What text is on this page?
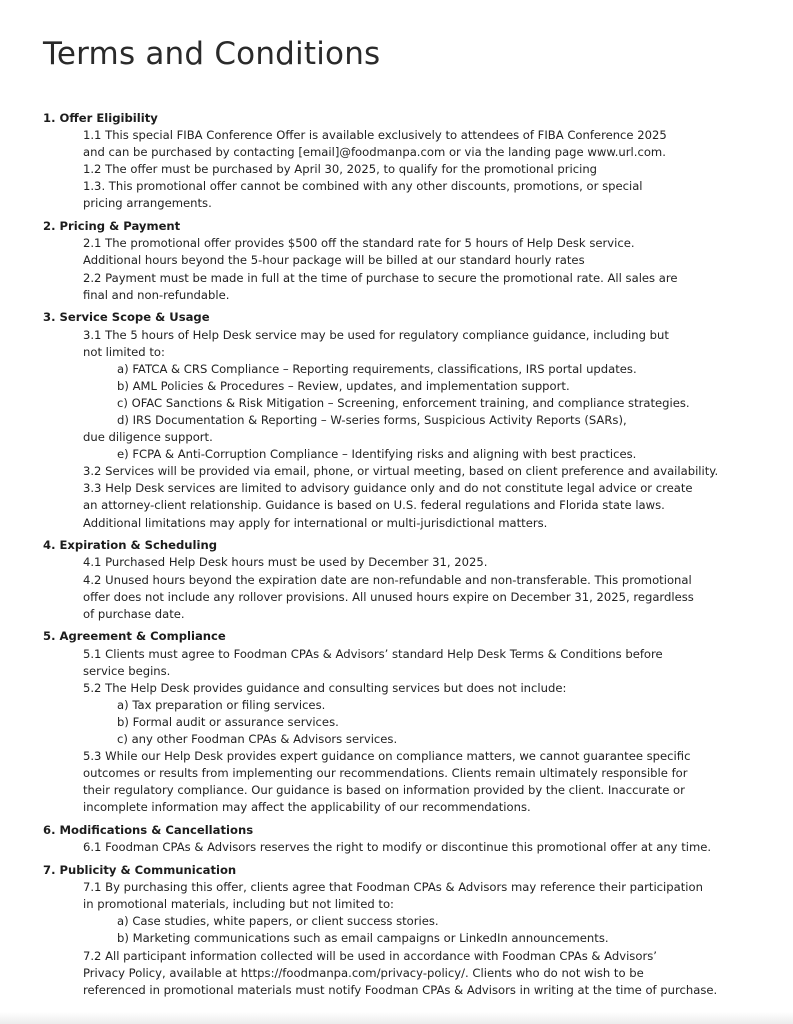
Terms and Conditions
1. Offer Eligibility
1.1 This special FIBA Conference Offer is available exclusively to attendees of FIBA Conference 2025
and can be purchased by contacting [email]@foodmanpa.com or via the landing page www.url.com.
1.2 The offer must be purchased by April 30, 2025, to qualify for the promotional pricing
1.3. This promotional offer cannot be combined with any other discounts, promotions, or special
pricing arrangements.
2. Pricing & Payment
2.1 The promotional offer provides $500 off the standard rate for 5 hours of Help Desk service.
Additional hours beyond the 5-hour package will be billed at our standard hourly rates
2.2 Payment must be made in full at the time of purchase to secure the promotional rate. All sales are
final and non-refundable.
3. Service Scope & Usage
3.1 The 5 hours of Help Desk service may be used for regulatory compliance guidance, including but
not limited to:
a) FATCA & CRS Compliance – Reporting requirements, classifications, IRS portal updates.
b) AML Policies & Procedures – Review, updates, and implementation support.
c) OFAC Sanctions & Risk Mitigation – Screening, enforcement training, and compliance strategies.
d) IRS Documentation & Reporting – W-series forms, Suspicious Activity Reports (SARs),
due diligence support.
e) FCPA & Anti-Corruption Compliance – Identifying risks and aligning with best practices.
3.2 Services will be provided via email, phone, or virtual meeting, based on client preference and availability.
3.3 Help Desk services are limited to advisory guidance only and do not constitute legal advice or create
an attorney-client relationship. Guidance is based on U.S. federal regulations and Florida state laws.
Additional limitations may apply for international or multi-jurisdictional matters.
4. Expiration & Scheduling
4.1 Purchased Help Desk hours must be used by December 31, 2025.
4.2 Unused hours beyond the expiration date are non-refundable and non-transferable. This promotional
offer does not include any rollover provisions. All unused hours expire on December 31, 2025, regardless
of purchase date.
5. Agreement & Compliance
5.1 Clients must agree to Foodman CPAs & Advisors’ standard Help Desk Terms & Conditions before
service begins.
5.2 The Help Desk provides guidance and consulting services but does not include:
a) Tax preparation or filing services.
b) Formal audit or assurance services.
c) any other Foodman CPAs & Advisors services.
5.3 While our Help Desk provides expert guidance on compliance matters, we cannot guarantee specific
outcomes or results from implementing our recommendations. Clients remain ultimately responsible for
their regulatory compliance. Our guidance is based on information provided by the client. Inaccurate or
incomplete information may affect the applicability of our recommendations.
6. Modifications & Cancellations
6.1 Foodman CPAs & Advisors reserves the right to modify or discontinue this promotional offer at any time.
7. Publicity & Communication
7.1 By purchasing this offer, clients agree that Foodman CPAs & Advisors may reference their participation
in promotional materials, including but not limited to:
a) Case studies, white papers, or client success stories.
b) Marketing communications such as email campaigns or LinkedIn announcements.
7.2 All participant information collected will be used in accordance with Foodman CPAs & Advisors’
Privacy Policy, available at https://foodmanpa.com/privacy-policy/. Clients who do not wish to be
referenced in promotional materials must notify Foodman CPAs & Advisors in writing at the time of purchase.
